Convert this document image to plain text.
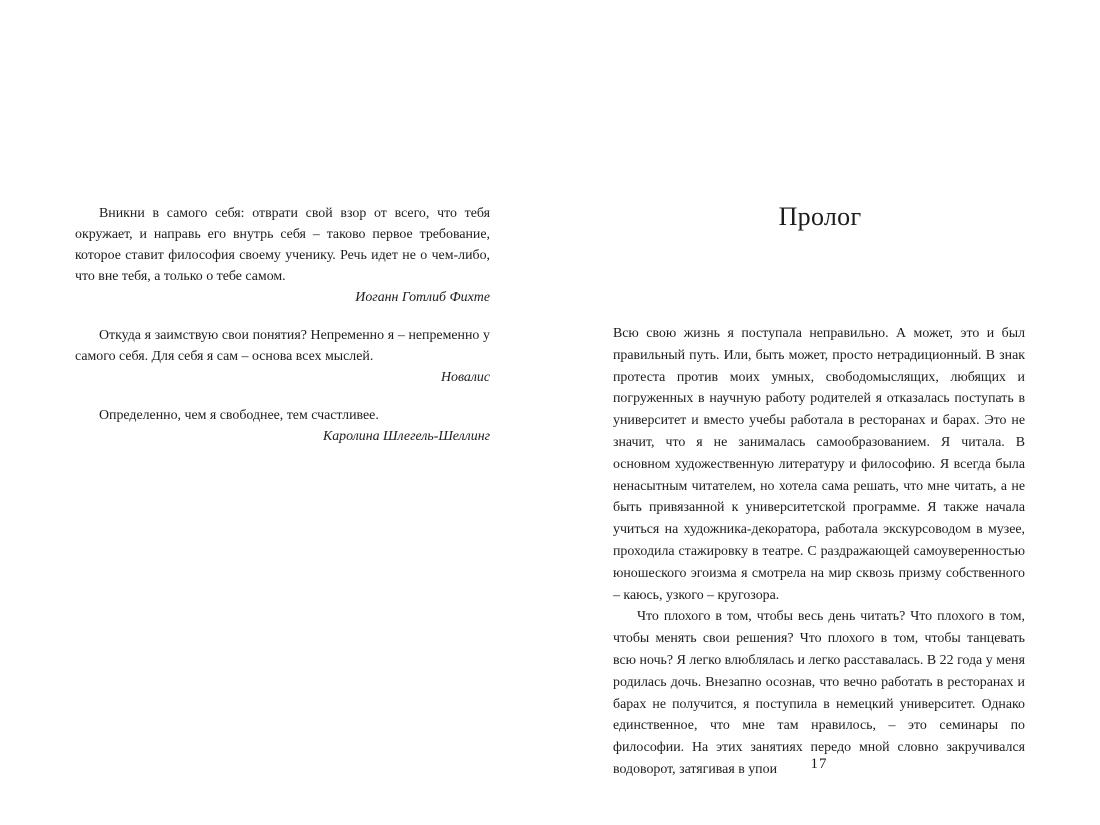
Вникни в самого себя: отврати свой взор от всего, что тебя окружает, и направь его внутрь себя – таково первое требование, которое ставит философия своему ученику. Речь идет не о чем-либо, что вне тебя, а только о тебе самом.

Иоганн Готлиб Фихте

Откуда я заимствую свои понятия? Непременно я – непременно у самого себя. Для себя я сам – основа всех мыслей.

Новалис

Определенно, чем я свободнее, тем счастливее.

Каролина Шлегель-Шеллинг

Пролог

Всю свою жизнь я поступала неправильно. А может, это и был правильный путь. Или, быть может, просто нетрадиционный. В знак протеста против моих умных, свободомыслящих, любящих и погруженных в научную работу родителей я отказалась поступать в университет и вместо учебы работала в ресторанах и барах. Это не значит, что я не занималась самообразованием. Я читала. В основном художественную литературу и философию. Я всегда была ненасытным читателем, но хотела сама решать, что мне читать, а не быть привязанной к университетской программе. Я также начала учиться на художника-декоратора, работала экскурсоводом в музее, проходила стажировку в театре. С раздражающей самоуверенностью юношеского эгоизма я смотрела на мир сквозь призму собственного – каюсь, узкого – кругозора.

Что плохого в том, чтобы весь день читать? Что плохого в том, чтобы менять свои решения? Что плохого в том, чтобы танцевать всю ночь? Я легко влюблялась и легко расставалась. В 22 года у меня родилась дочь. Внезапно осознав, что вечно работать в ресторанах и барах не получится, я поступила в немецкий университет. Однако единственное, что мне там нравилось, – это семинары по философии. На этих занятиях передо мной словно закручивался водоворот, затягивая в упои	17
